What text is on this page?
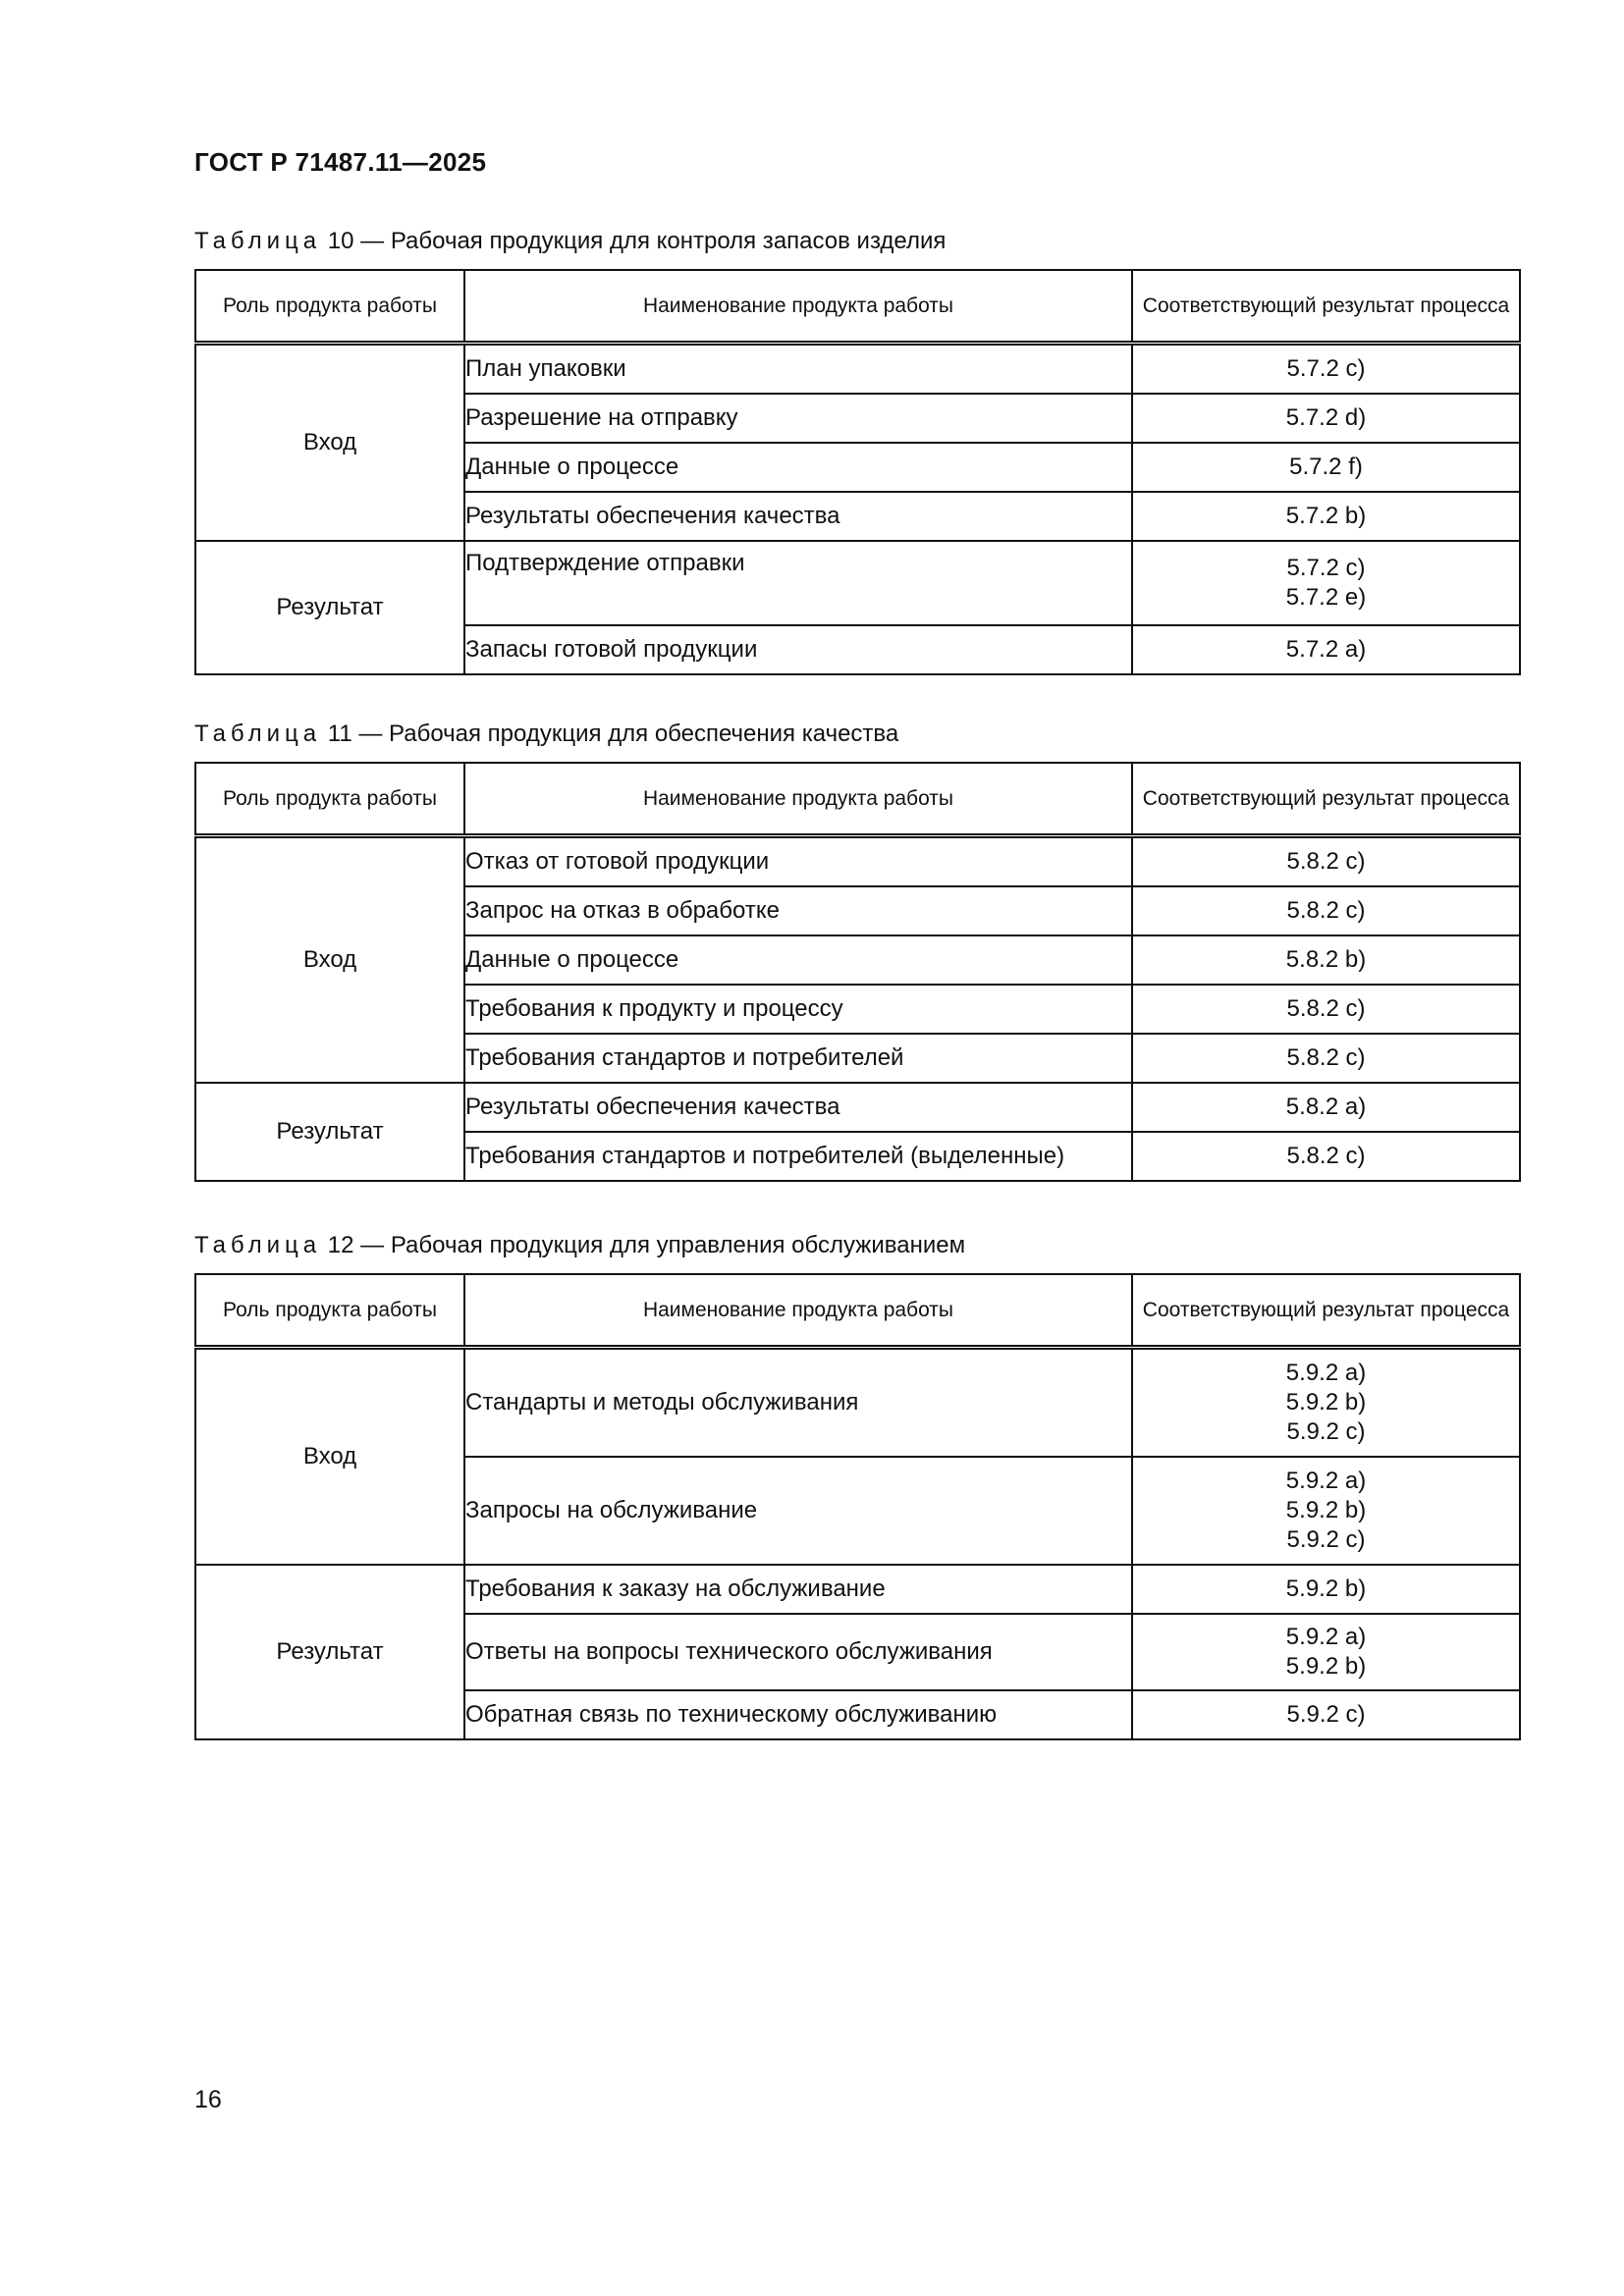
ГОСТ Р 71487.11—2025
Таблица 10 — Рабочая продукция для контроля запасов изделия
Роль продукта работы	Наименование продукта работы	Соответствующий результат процесса
Вход	План упаковки	5.7.2 c)

	Разрешение на отправку	5.7.2 d)

	Данные о процессе	5.7.2 f)

	Результаты обеспечения качества	5.7.2 b)

Результат	Подтверждение отправки	5.7.2 c)
5.7.2 e)

	Запасы готовой продукции	5.7.2 a)
Таблица 11 — Рабочая продукция для обеспечения качества
Роль продукта работы	Наименование продукта работы	Соответствующий результат процесса
Вход	Отказ от готовой продукции	5.8.2 c)

	Запрос на отказ в обработке	5.8.2 c)

	Данные о процессе	5.8.2 b)

	Требования к продукту и процессу	5.8.2 c)

	Требования стандартов и потребителей	5.8.2 c)

Результат	Результаты обеспечения качества	5.8.2 a)

	Требования стандартов и потребителей (выделенные)	5.8.2 c)
Таблица 12 — Рабочая продукция для управления обслуживанием
Роль продукта работы	Наименование продукта работы	Соответствующий результат процесса
Вход	Стандарты и методы обслуживания	5.9.2 a)
5.9.2 b)
5.9.2 c)

	Запросы на обслуживание	5.9.2 a)
5.9.2 b)
5.9.2 c)

Результат	Требования к заказу на обслуживание	5.9.2 b)

	Ответы на вопросы технического обслуживания	5.9.2 a)
5.9.2 b)

	Обратная связь по техническому обслуживанию	5.9.2 c)
16
